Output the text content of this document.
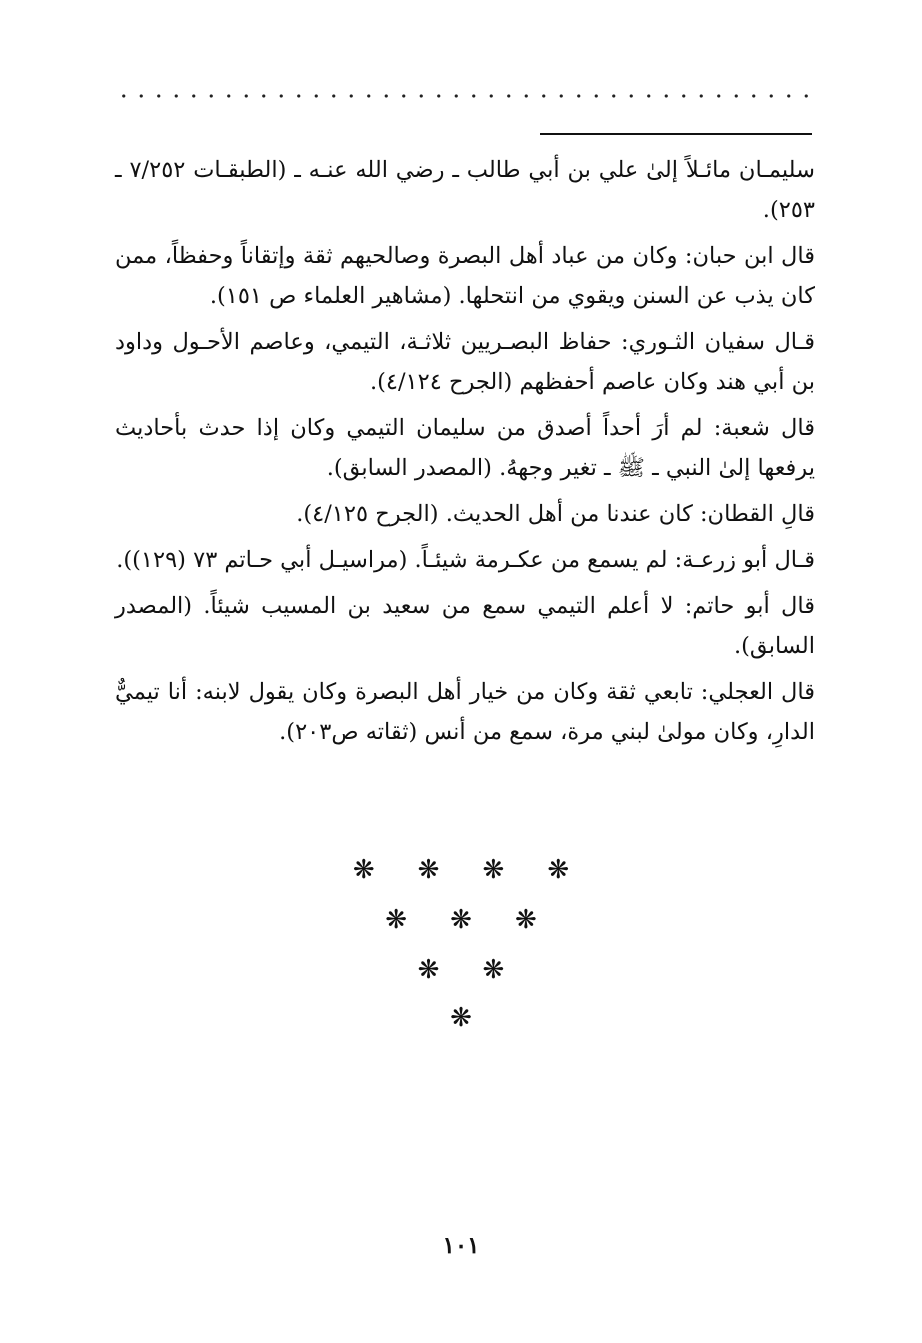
سليمـان مائـلاً إلىٰ علي بن أبي طالب ـ رضي الله عنـه ـ (الطبقـات ٧/٢٥٢ ـ ٢٥٣).

قال ابن حبان: وكان من عباد أهل البصرة وصالحيهم ثقة وإتقاناً وحفظاً، ممن كان يذب عن السنن ويقوي من انتحلها. (مشاهير العلماء ص ١٥١).

قـال سفيان الثـوري: حفاظ البصـريين ثلاثـة، التيمي، وعاصم الأحـول وداود بن أبي هند وكان عاصم أحفظهم (الجرح ٤/١٢٤).

قال شعبة: لم أرَ أحداً أصدق من سليمان التيمي وكان إذا حدث بأحاديث يرفعها إلىٰ النبي ـ ﷺ ـ تغير وجههُ. (المصدر السابق).

قالِ القطان: كان عندنا من أهل الحديث. (الجرح ٤/١٢٥).

قـال أبو زرعـة: لم يسمع من عكـرمة شيئـاً. (مراسيـل أبي حـاتم ٧٣ (١٢٩)).

قال أبو حاتم: لا أعلم التيمي سمع من سعيد بن المسيب شيئاً. (المصدر السابق).

قال العجلي: تابعي ثقة وكان من خيار أهل البصرة وكان يقول لابنه: أنا تيميٌّ الدارِ، وكان مولىٰ لبني مرة، سمع من أنس (ثقاته ص٢٠٣).

❋ ❋ ❋ ❋
❋ ❋ ❋
❋ ❋
❋
١٠١
